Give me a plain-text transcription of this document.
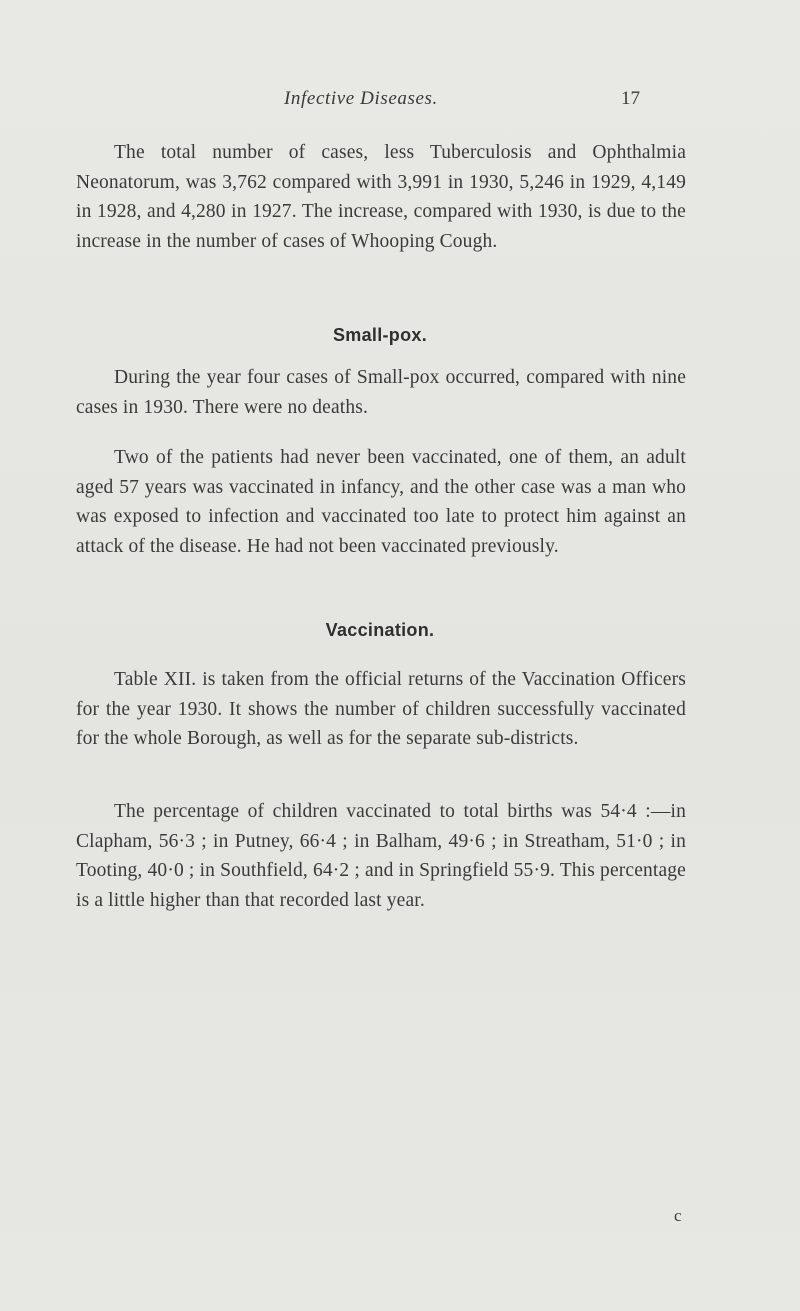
Infective Diseases.	17

The total number of cases, less Tuberculosis and Ophthalmia Neonatorum, was 3,762 compared with 3,991 in 1930, 5,246 in 1929, 4,149 in 1928, and 4,280 in 1927. The increase, compared with 1930, is due to the increase in the number of cases of Whooping Cough.

Small-pox.

During the year four cases of Small-pox occurred, compared with nine cases in 1930. There were no deaths.

Two of the patients had never been vaccinated, one of them, an adult aged 57 years was vaccinated in infancy, and the other case was a man who was exposed to infection and vaccinated too late to protect him against an attack of the disease. He had not been vaccinated previously.

Vaccination.

Table XII. is taken from the official returns of the Vaccination Officers for the year 1930. It shows the number of children successfully vaccinated for the whole Borough, as well as for the separate sub-districts.

The percentage of children vaccinated to total births was 54·4 :—in Clapham, 56·3 ; in Putney, 66·4 ; in Balham, 49·6 ; in Streatham, 51·0 ; in Tooting, 40·0 ; in Southfield, 64·2 ; and in Springfield 55·9. This percentage is a little higher than that recorded last year.

c
